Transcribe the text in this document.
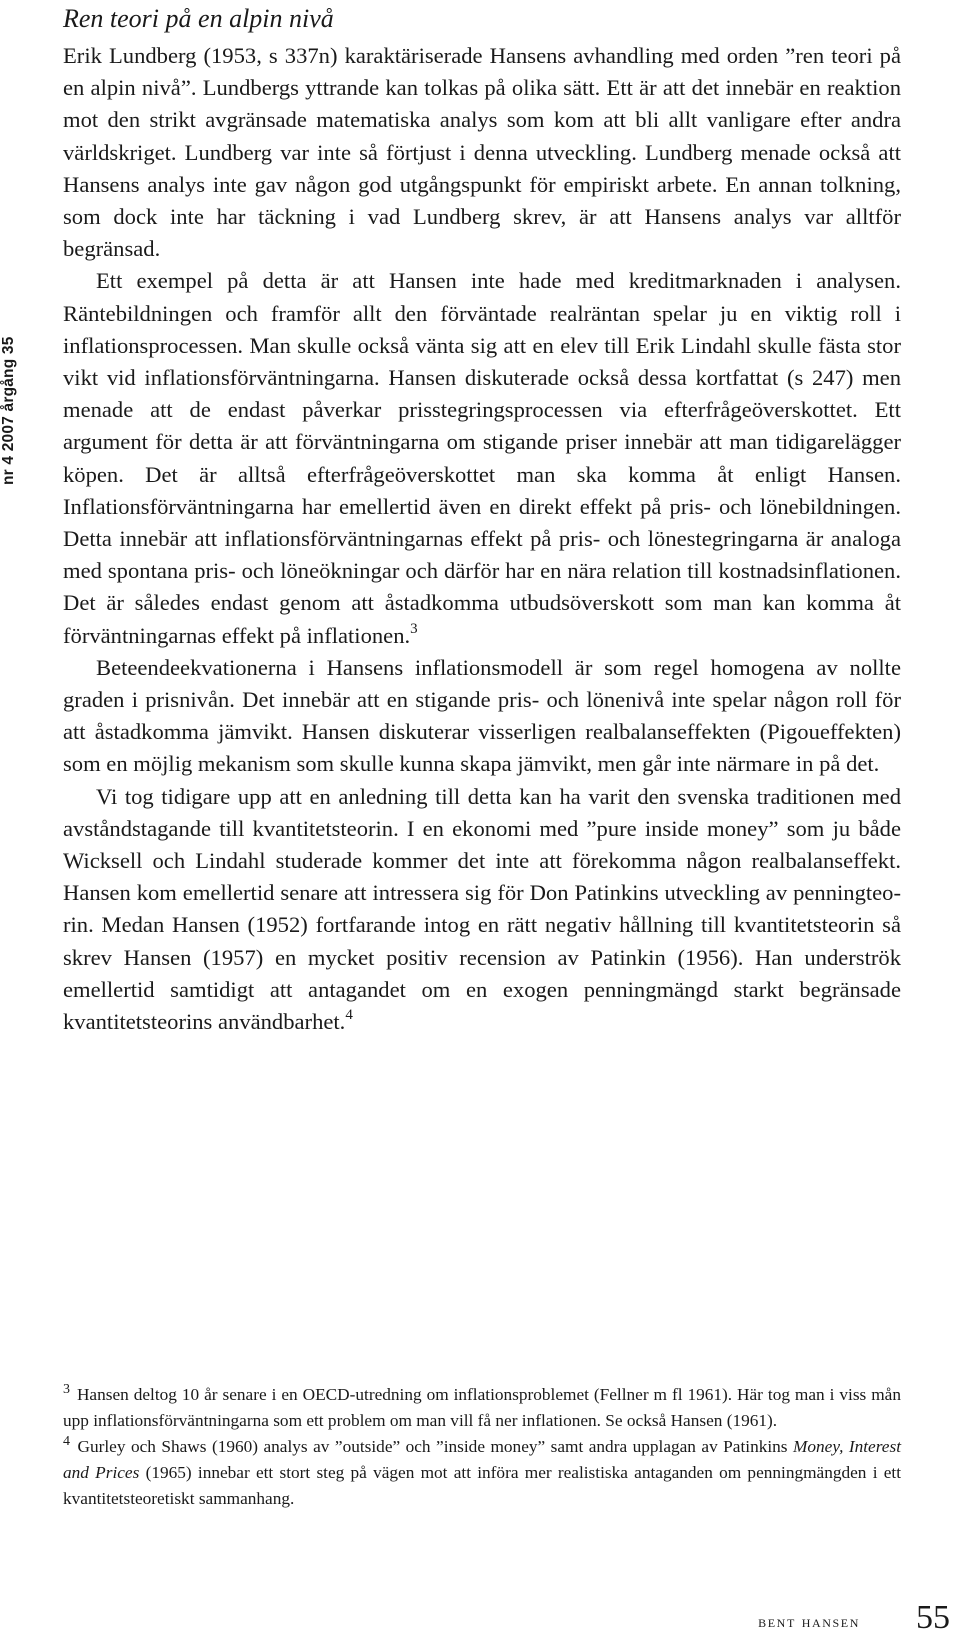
nr 4 2007 årgång 35
Ren teori på en alpin nivå

Erik Lundberg (1953, s 337n) karaktäriserade Hansens avhandling med orden ”ren teori på en alpin nivå”. Lundbergs yttrande kan tolkas på olika sätt. Ett är att det innebär en reaktion mot den strikt avgränsade matematiska analys som kom att bli allt vanligare efter andra världskriget. Lundberg var inte så förtjust i denna utveckling. Lundberg menade också att Hansens analys inte gav någon god utgångspunkt för empiriskt arbete. En annan tolkning, som dock inte har täckning i vad Lundberg skrev, är att Hansens analys var alltför begränsad.

Ett exempel på detta är att Hansen inte hade med kreditmarknaden i analysen. Räntebildningen och framför allt den förväntade realräntan spelar ju en viktig roll i inflationsprocessen. Man skulle också vänta sig att en elev till Erik Lindahl skulle fästa stor vikt vid inflationsförväntningarna. Hansen diskuterade också dessa kortfattat (s 247) men menade att de endast påverkar prisstegringsprocessen via efterfrågeöverskottet. Ett argument för detta är att förväntningarna om stigande priser innebär att man tidigarelägger köpen. Det är alltså efterfrågeöverskottet man ska komma åt enligt Hansen. Inflationsförväntningarna har emellertid även en direkt effekt på pris- och lönebildningen. Detta innebär att inflationsförväntningarnas effekt på pris- och lönestegringarna är analoga med spontana pris- och löneökningar och därför har en nära relation till kostnadsinflationen. Det är således endast genom att åstadkomma utbudsöverskott som man kan komma åt förväntningarnas effekt på inflationen.$^3$

Beteendeekvationerna i Hansens inflationsmodell är som regel homogena av nollte graden i prisnivån. Det innebär att en stigande pris- och lönenivå inte spelar någon roll för att åstadkomma jämvikt. Hansen diskuterar visserligen realbalanseffekten (Pigoueffekten) som en möjlig mekanism som skulle kunna skapa jämvikt, men går inte närmare in på det.

Vi tog tidigare upp att en anledning till detta kan ha varit den svenska traditionen med avståndstagande till kvantitetsteorin. I en ekonomi med ”pure inside money” som ju både Wicksell och Lindahl studerade kommer det inte att förekomma någon realbalanseffekt. Hansen kom emellertid senare att intressera sig för Don Patinkins utveckling av penningteorin. Medan Hansen (1952) fortfarande intog en rätt negativ hållning till kvantitetsteorin så skrev Hansen (1957) en mycket positiv recension av Patinkin (1956). Han underströk emellertid samtidigt att antagandet om en exogen penningmängd starkt begränsade kvantitetsteorins användbarhet.$^4$

$^3$ Hansen deltog 10 år senare i en OECD-utredning om inflationsproblemet (Fellner m fl 1961). Här tog man i viss mån upp inflationsförväntningarna som ett problem om man vill få ner inflationen. Se också Hansen (1961).

$^4$ Gurley och Shaws (1960) analys av ”outside” och ”inside money” samt andra upplagan av Patinkins Money, Interest and Prices (1965) innebar ett stort steg på vägen mot att införa mer realistiska antaganden om penningmängden i ett kvantitetsteoretiskt sammanhang.

bent hansen 55
